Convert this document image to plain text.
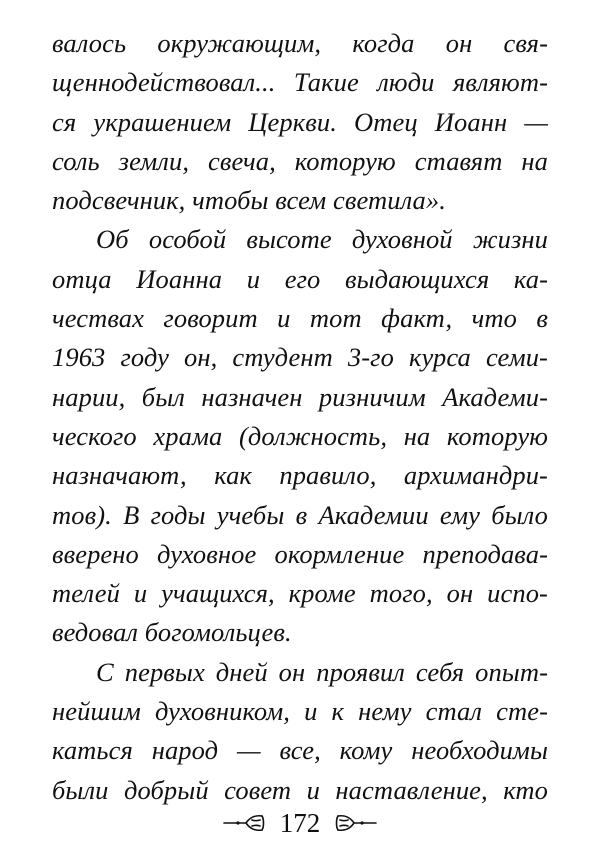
валось окружающим, когда он свя-
щеннодействовал... Такие люди являют-
ся украшением Церкви. Отец Иоанн —
соль земли, свеча, которую ставят на
подсвечник, чтобы всем светила».
Об особой высоте духовной жизни
отца Иоанна и его выдающихся ка-
чествах говорит и тот факт, что в
1963 году он, студент 3-го курса семи-
нарии, был назначен ризничим Академи-
ческого храма (должность, на которую
назначают, как правило, архимандри-
тов). В годы учебы в Академии ему было
вверено духовное окормление преподава-
телей и учащихся, кроме того, он испо-
ведовал богомольцев.
С первых дней он проявил себя опыт-
нейшим духовником, и к нему стал сте-
каться народ — все, кому необходимы
были добрый совет и наставление, кто
172
